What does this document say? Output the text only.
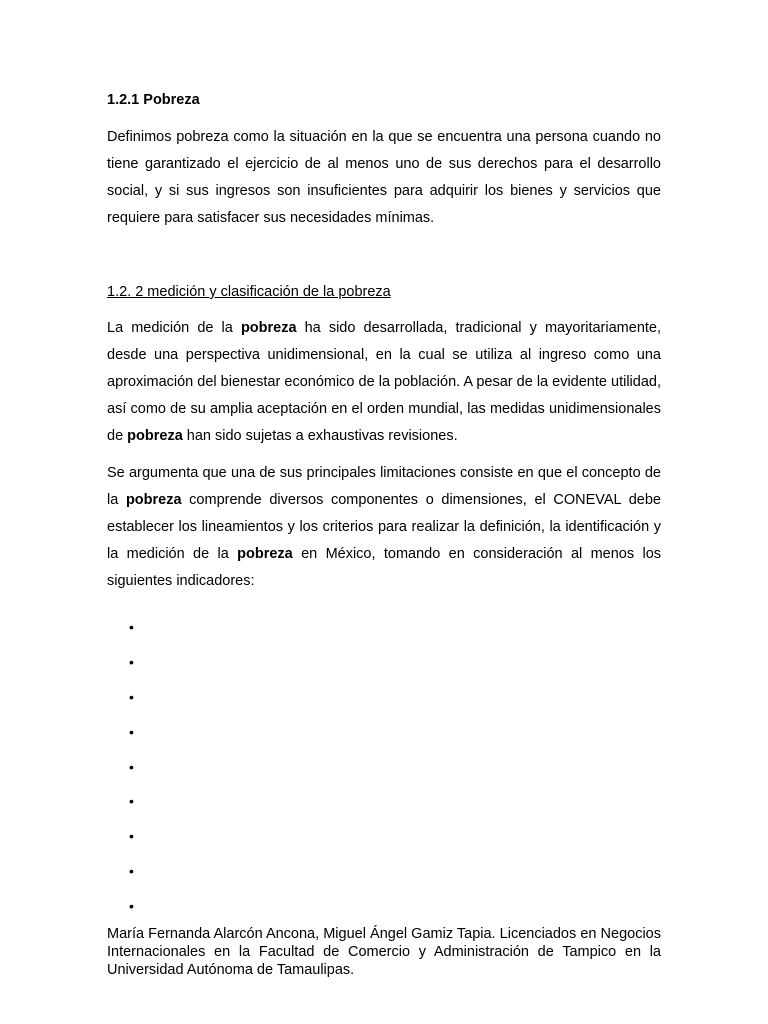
1.2.1 Pobreza

Definimos pobreza como la situación en la que se encuentra una persona cuando no tiene garantizado el ejercicio de al menos uno de sus derechos para el desarrollo social, y si sus ingresos son insuficientes para adquirir los bienes y servicios que requiere para satisfacer sus necesidades mínimas.

1.2. 2 medición y clasificación de la pobreza

La medición de la pobreza ha sido desarrollada, tradicional y mayoritariamente, desde una perspectiva unidimensional, en la cual se utiliza al ingreso como una aproximación del bienestar económico de la población. A pesar de la evidente utilidad, así como de su amplia aceptación en el orden mundial, las medidas unidimensionales de pobreza han sido sujetas a exhaustivas revisiones.

Se argumenta que una de sus principales limitaciones consiste en que el concepto de la pobreza comprende diversos componentes o dimensiones, el CONEVAL debe establecer los lineamientos y los criterios para realizar la definición, la identificación y la medición de la pobreza en México, tomando en consideración al menos los siguientes indicadores:

•
•
•
•
•
•
•
•
•

María Fernanda Alarcón Ancona, Miguel Ángel Gamiz Tapia. Licenciados en Negocios Internacionales en la Facultad de Comercio y Administración de Tampico en la Universidad Autónoma de Tamaulipas.
